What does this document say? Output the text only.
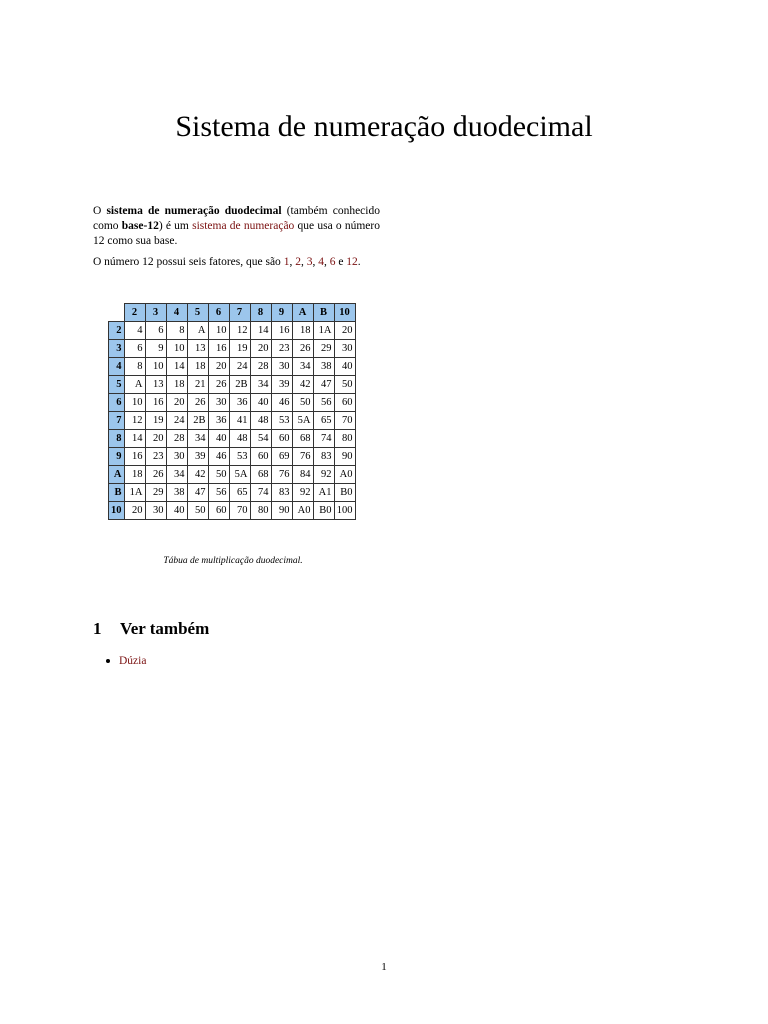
Sistema de numeração duodecimal

O sistema de numeração duodecimal (também conhecido como base-12) é um sistema de numeração que usa o número 12 como sua base.

O número 12 possui seis fatores, que são 1, 2, 3, 4, 6 e 12.

	2	3	4	5	6	7	8	9	A	B	10
2	4	6	8	A	10	12	14	16	18	1A	20
3	6	9	10	13	16	19	20	23	26	29	30
4	8	10	14	18	20	24	28	30	34	38	40
5	A	13	18	21	26	2B	34	39	42	47	50
6	10	16	20	26	30	36	40	46	50	56	60
7	12	19	24	2B	36	41	48	53	5A	65	70
8	14	20	28	34	40	48	54	60	68	74	80
9	16	23	30	39	46	53	60	69	76	83	90
A	18	26	34	42	50	5A	68	76	84	92	A0
B	1A	29	38	47	56	65	74	83	92	A1	B0
10	20	30	40	50	60	70	80	90	A0	B0	100
Tábua de multiplicação duodecimal.
1 Ver também
Dúzia
1
